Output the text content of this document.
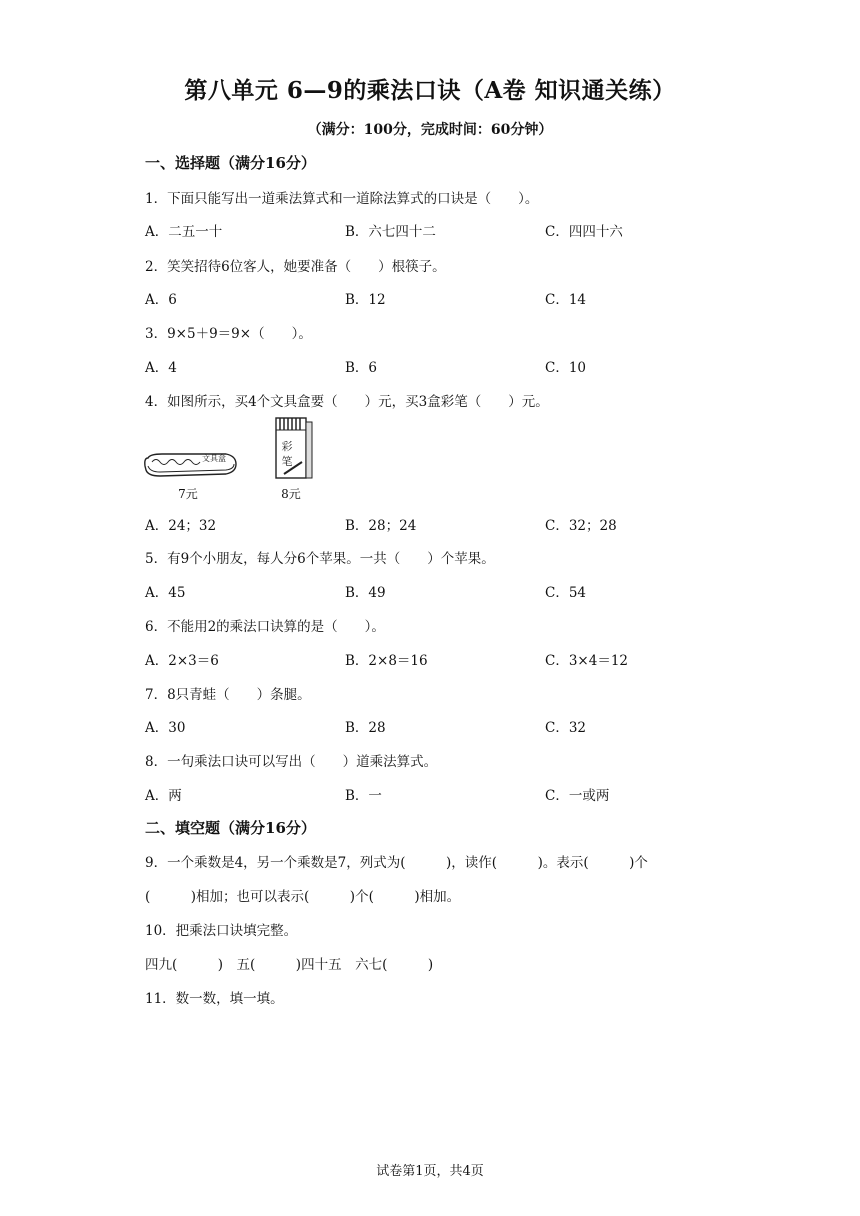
第八单元 6—9的乘法口诀（A卷 知识通关练）
（满分：100分，完成时间：60分钟）
一、选择题（满分16分）
1．下面只能写出一道乘法算式和一道除法算式的口诀是（　　）。
A．二五一十	B．六七四十二	C．四四十六
2．笑笑招待6位客人，她要准备（　　）根筷子。
A．6	B．12	C．14
3．9×5＋9＝9×（　　）。
A．4	B．6	C．10
4．如图所示，买4个文具盒要（　　）元，买3盒彩笔（　　）元。
文具盒
7元
彩
笔
8元
A．24；32	B．28；24	C．32；28
5．有9个小朋友，每人分6个苹果。一共（　　）个苹果。
A．45	B．49	C．54
6．不能用2的乘法口诀算的是（　　）。
A．2×3＝6	B．2×8＝16	C．3×4＝12
7．8只青蛙（　　）条腿。
A．30	B．28	C．32
8．一句乘法口诀可以写出（　　）道乘法算式。
A．两	B．一	C．一或两
二、填空题（满分16分）
9．一个乘数是4，另一个乘数是7，列式为(　　　)，读作(　　　)。表示(　　　)个
(　　　)相加；也可以表示(　　　)个(　　　)相加。
10．把乘法口诀填完整。
四九(　　　)　五(　　　)四十五　六七(　　　)
11．数一数，填一填。
试卷第1页，共4页
